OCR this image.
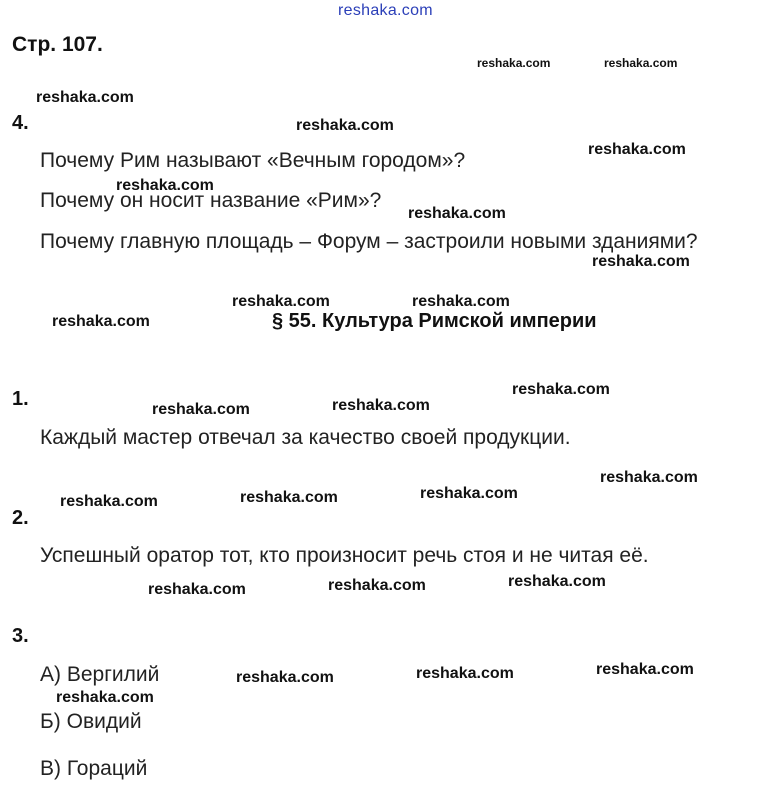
reshaka.com
Стр. 107.
4.
Почему Рим называют «Вечным городом»?
Почему он носит название «Рим»?
Почему главную площадь – Форум – застроили новыми зданиями?
§ 55. Культура Римской империи
1.
Каждый мастер отвечал за качество своей продукции.
2.
Успешный оратор тот, кто произносит речь стоя и не читая её.
3.
А) Вергилий
Б) Овидий
В) Гораций
reshaka.com	reshaka.com
reshaka.com
reshaka.com
reshaka.com
reshaka.com
reshaka.com
reshaka.com
reshaka.com	reshaka.com
reshaka.com
reshaka.com
reshaka.com	reshaka.com
reshaka.com
reshaka.com
reshaka.com
reshaka.com
reshaka.com
reshaka.com
reshaka.com
reshaka.com
reshaka.com
reshaka.com
reshaka.com
